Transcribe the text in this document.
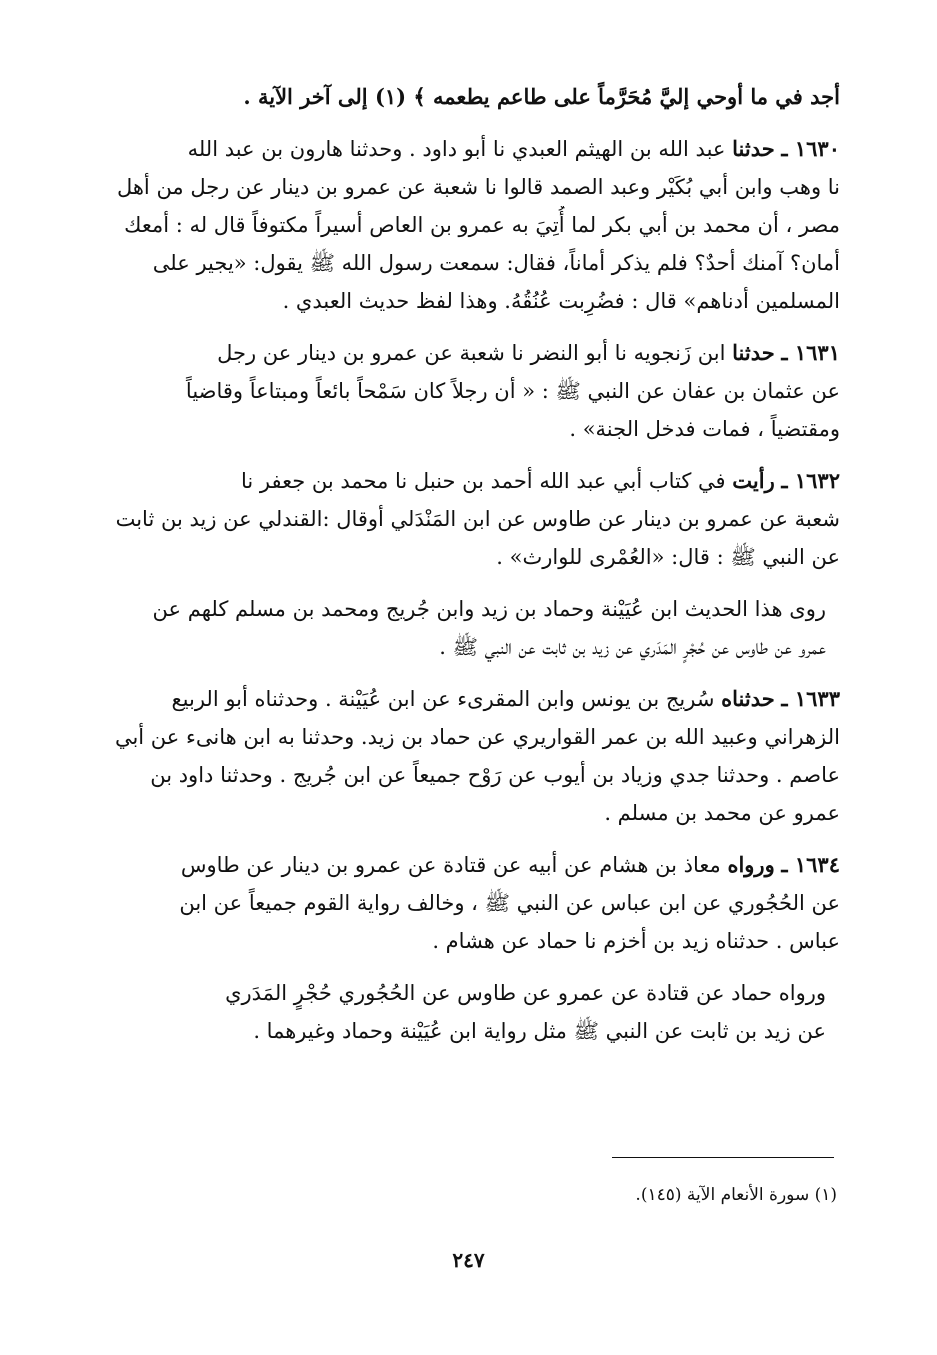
أجد في ما أوحي إليَّ مُحَرَّماً على طاعم يطعمه ﴾ (١) إلى آخر الآية .
١٦٣٠ ـ حدثنا عبد الله بن الهيثم العبدي نا أبو داود . وحدثنا هارون بن عبد الله
نا وهب وابن أبي بُكَيْر وعبد الصمد قالوا نا شعبة عن عمرو بن دينار عن رجل من أهل
مصر ، أن محمد بن أبي بكر لما أُتِيَ به عمرو بن العاص أسيراً مكتوفاً قال له : أمعك
أمان؟ آمنك أحدٌ؟ فلم يذكر أماناً، فقال: سمعت رسول الله ﷺ يقول: «يجير على
المسلمين أدناهم» قال : فضُرِبت عُنُقُهُ. وهذا لفظ حديث العبدي .
١٦٣١ ـ حدثنا ابن زَنجويه نا أبو النضر نا شعبة عن عمرو بن دينار عن رجل
عن عثمان بن عفان عن النبي ﷺ : « أن رجلاً كان سَمْحاً بائعاً ومبتاعاً وقاضياً
ومقتضياً ، فمات فدخل الجنة» .
١٦٣٢ ـ رأيت في كتاب أبي عبد الله أحمد بن حنبل نا محمد بن جعفر نا
شعبة عن عمرو بن دينار عن طاوس عن ابن المَنْدَلي أوقال :القندلي عن زيد بن ثابت
عن النبي ﷺ : قال: «العُمْرى للوارث» .
روى هذا الحديث ابن عُيَيْنة وحماد بن زيد وابن جُريج ومحمد بن مسلم كلهم عن
عمرو عن طاوس عن حُجْرٍ المَدَري عن زيد بن ثابت عن النبي ﷺ .
١٦٣٣ ـ حدثناه سُريج بن يونس وابن المقرىء عن ابن عُيَيْنة . وحدثناه أبو الربيع
الزهراني وعبيد الله بن عمر القواريري عن حماد بن زيد. وحدثنا به ابن هانىء عن أبي
عاصم . وحدثنا جدي وزياد بن أيوب عن رَوْح جميعاً عن ابن جُريج . وحدثنا داود بن
عمرو عن محمد بن مسلم .
١٦٣٤ ـ ورواه معاذ بن هشام عن أبيه عن قتادة عن عمرو بن دينار عن طاوس
عن الحُجُوري عن ابن عباس عن النبي ﷺ ، وخالف رواية القوم جميعاً عن ابن
عباس . حدثناه زيد بن أخزم نا حماد عن هشام .
ورواه حماد عن قتادة عن عمرو عن طاوس عن الحُجُوري حُجْرٍ المَدَري
عن زيد بن ثابت عن النبي ﷺ مثل رواية ابن عُيَيْنة وحماد وغيرهما .
(١) سورة الأنعام الآية (١٤٥).
٢٤٧
